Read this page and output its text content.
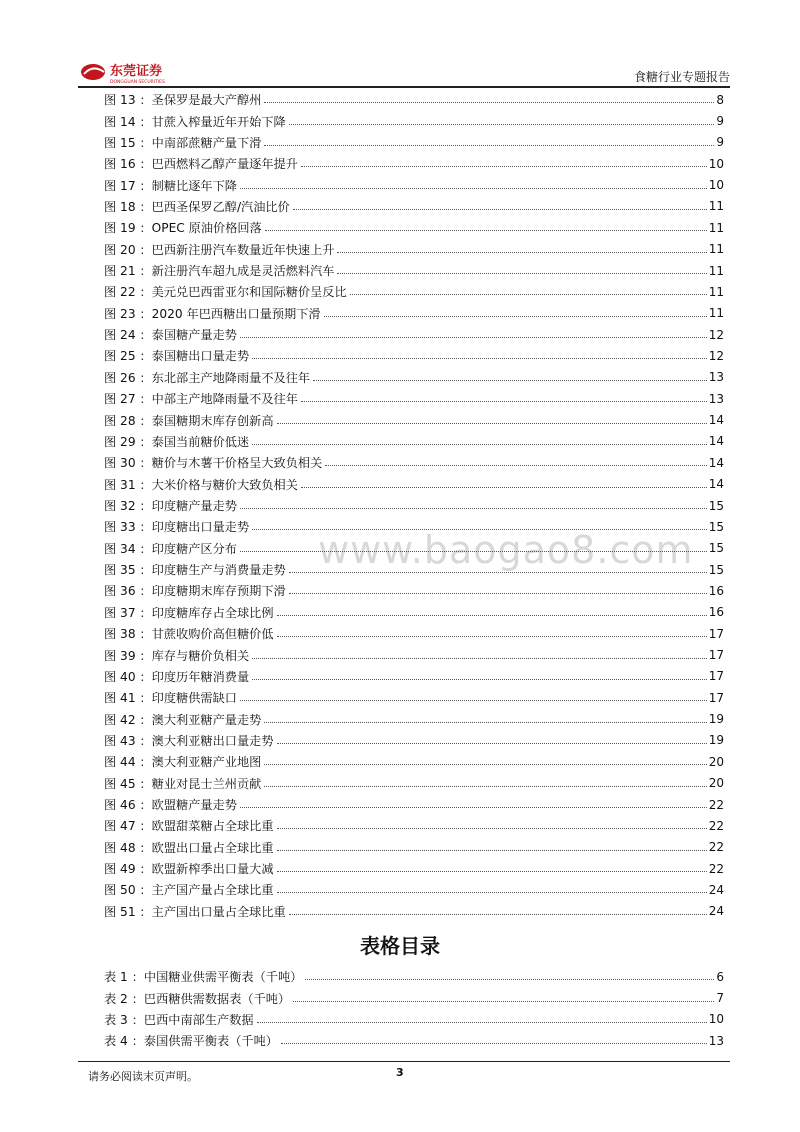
东莞证券
DONGGUAN SECURITIES	食糖行业专题报告
www.baogao8.com
图 13 ：圣保罗是最大产醇州	8
图 14 ：甘蔗入榨量近年开始下降	9
图 15 ：中南部蔗糖产量下滑	9
图 16 ：巴西燃料乙醇产量逐年提升	10
图 17 ：制糖比逐年下降	10
图 18 ：巴西圣保罗乙醇/汽油比价	11
图 19 ：OPEC 原油价格回落	11
图 20 ：巴西新注册汽车数量近年快速上升	11
图 21 ：新注册汽车超九成是灵活燃料汽车	11
图 22 ：美元兑巴西雷亚尔和国际糖价呈反比	11
图 23 ：2020 年巴西糖出口量预期下滑	11
图 24 ：泰国糖产量走势	12
图 25 ：泰国糖出口量走势	12
图 26 ：东北部主产地降雨量不及往年	13
图 27 ：中部主产地降雨量不及往年	13
图 28 ：泰国糖期末库存创新高	14
图 29 ：泰国当前糖价低迷	14
图 30 ：糖价与木薯干价格呈大致负相关	14
图 31 ：大米价格与糖价大致负相关	14
图 32 ：印度糖产量走势	15
图 33 ：印度糖出口量走势	15
图 34 ：印度糖产区分布	15
图 35 ：印度糖生产与消费量走势	15
图 36 ：印度糖期末库存预期下滑	16
图 37 ：印度糖库存占全球比例	16
图 38 ：甘蔗收购价高但糖价低	17
图 39 ：库存与糖价负相关	17
图 40 ：印度历年糖消费量	17
图 41 ：印度糖供需缺口	17
图 42 ：澳大利亚糖产量走势	19
图 43 ：澳大利亚糖出口量走势	19
图 44 ：澳大利亚糖产业地图	20
图 45 ：糖业对昆士兰州贡献	20
图 46 ：欧盟糖产量走势	22
图 47 ：欧盟甜菜糖占全球比重	22
图 48 ：欧盟出口量占全球比重	22
图 49 ：欧盟新榨季出口量大减	22
图 50 ：主产国产量占全球比重	24
图 51 ：主产国出口量占全球比重	24
表格目录
表 1 ：中国糖业供需平衡表（千吨）	6
表 2 ：巴西糖供需数据表（千吨）	7
表 3 ：巴西中南部生产数据	10
表 4 ：泰国供需平衡表（千吨）	13
请务必阅读末页声明。	3
